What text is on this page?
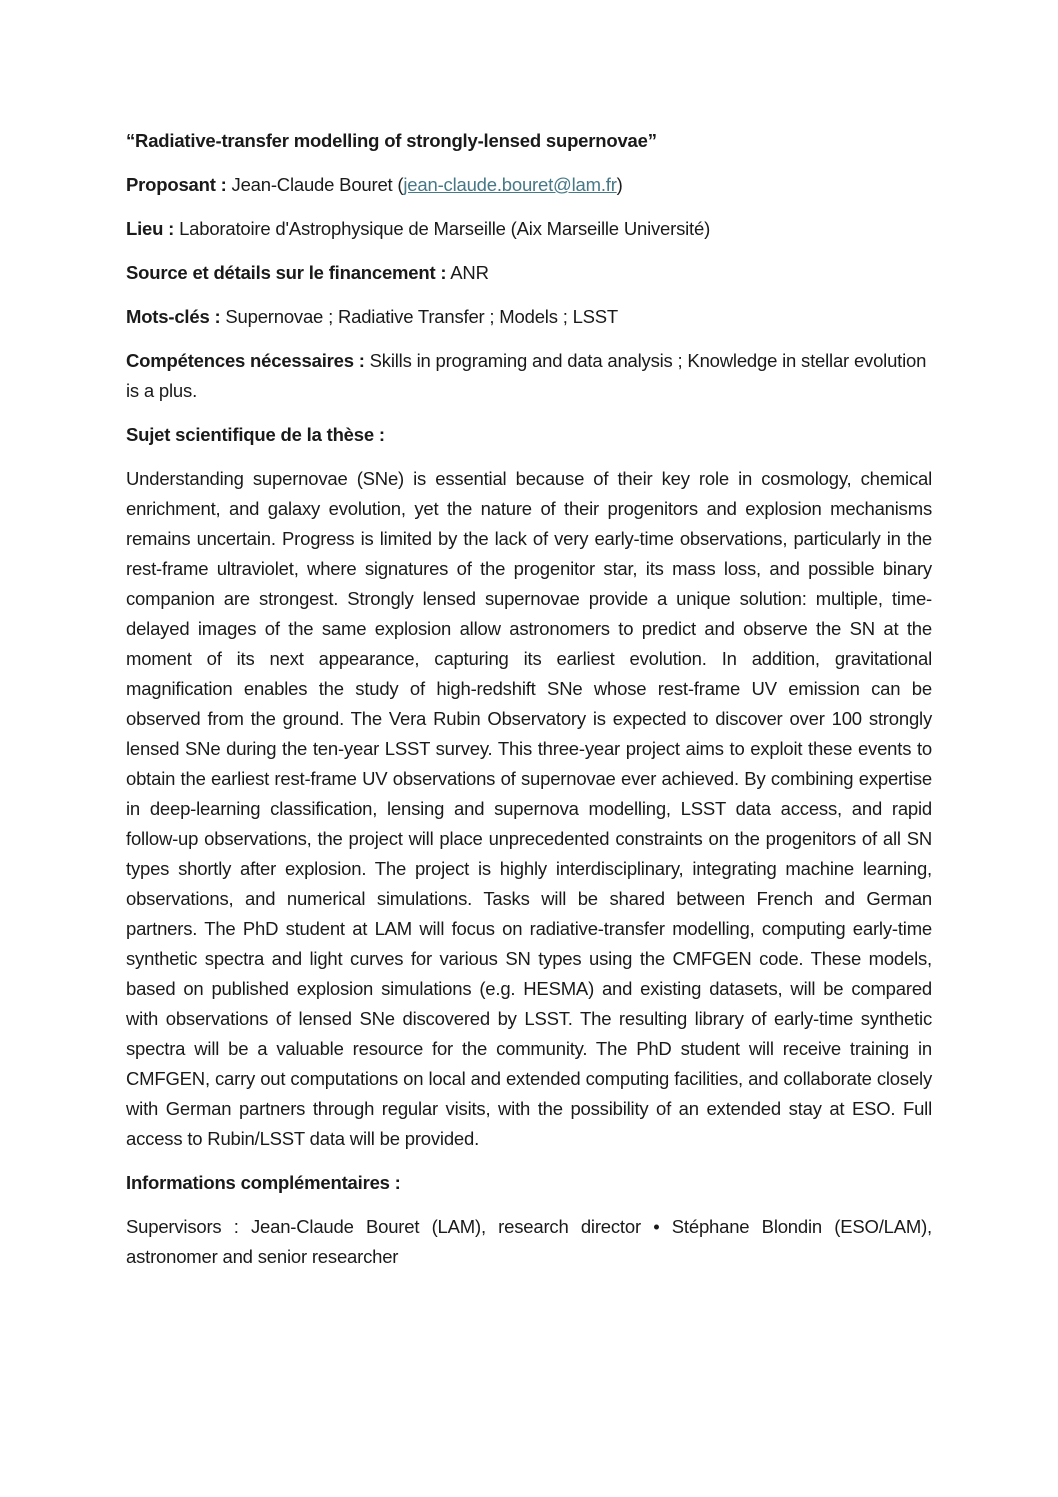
“Radiative-transfer modelling of strongly-lensed supernovae”

Proposant : Jean-Claude Bouret (jean-claude.bouret@lam.fr)

Lieu : Laboratoire d'Astrophysique de Marseille (Aix Marseille Université)

Source et détails sur le financement : ANR

Mots-clés : Supernovae ; Radiative Transfer ; Models ; LSST

Compétences nécessaires : Skills in programing and data analysis ; Knowledge in stellar evolution is a plus.

Sujet scientifique de la thèse :

Understanding supernovae (SNe) is essential because of their key role in cosmology, chemical enrichment, and galaxy evolution, yet the nature of their progenitors and explosion mechanisms remains uncertain. Progress is limited by the lack of very early-time observations, particularly in the rest-frame ultraviolet, where signatures of the progenitor star, its mass loss, and possible binary companion are strongest. Strongly lensed supernovae provide a unique solution: multiple, time-delayed images of the same explosion allow astronomers to predict and observe the SN at the moment of its next appearance, capturing its earliest evolution. In addition, gravitational magnification enables the study of high-redshift SNe whose rest-frame UV emission can be observed from the ground. The Vera Rubin Observatory is expected to discover over 100 strongly lensed SNe during the ten-year LSST survey. This three-year project aims to exploit these events to obtain the earliest rest-frame UV observations of supernovae ever achieved. By combining expertise in deep-learning classification, lensing and supernova modelling, LSST data access, and rapid follow-up observations, the project will place unprecedented constraints on the progenitors of all SN types shortly after explosion. The project is highly interdisciplinary, integrating machine learning, observations, and numerical simulations. Tasks will be shared between French and German partners. The PhD student at LAM will focus on radiative-transfer modelling, computing early-time synthetic spectra and light curves for various SN types using the CMFGEN code. These models, based on published explosion simulations (e.g. HESMA) and existing datasets, will be compared with observations of lensed SNe discovered by LSST. The resulting library of early-time synthetic spectra will be a valuable resource for the community. The PhD student will receive training in CMFGEN, carry out computations on local and extended computing facilities, and collaborate closely with German partners through regular visits, with the possibility of an extended stay at ESO. Full access to Rubin/LSST data will be provided.

Informations complémentaires :

Supervisors : Jean-Claude Bouret (LAM), research director • Stéphane Blondin (ESO/LAM), astronomer and senior researcher
